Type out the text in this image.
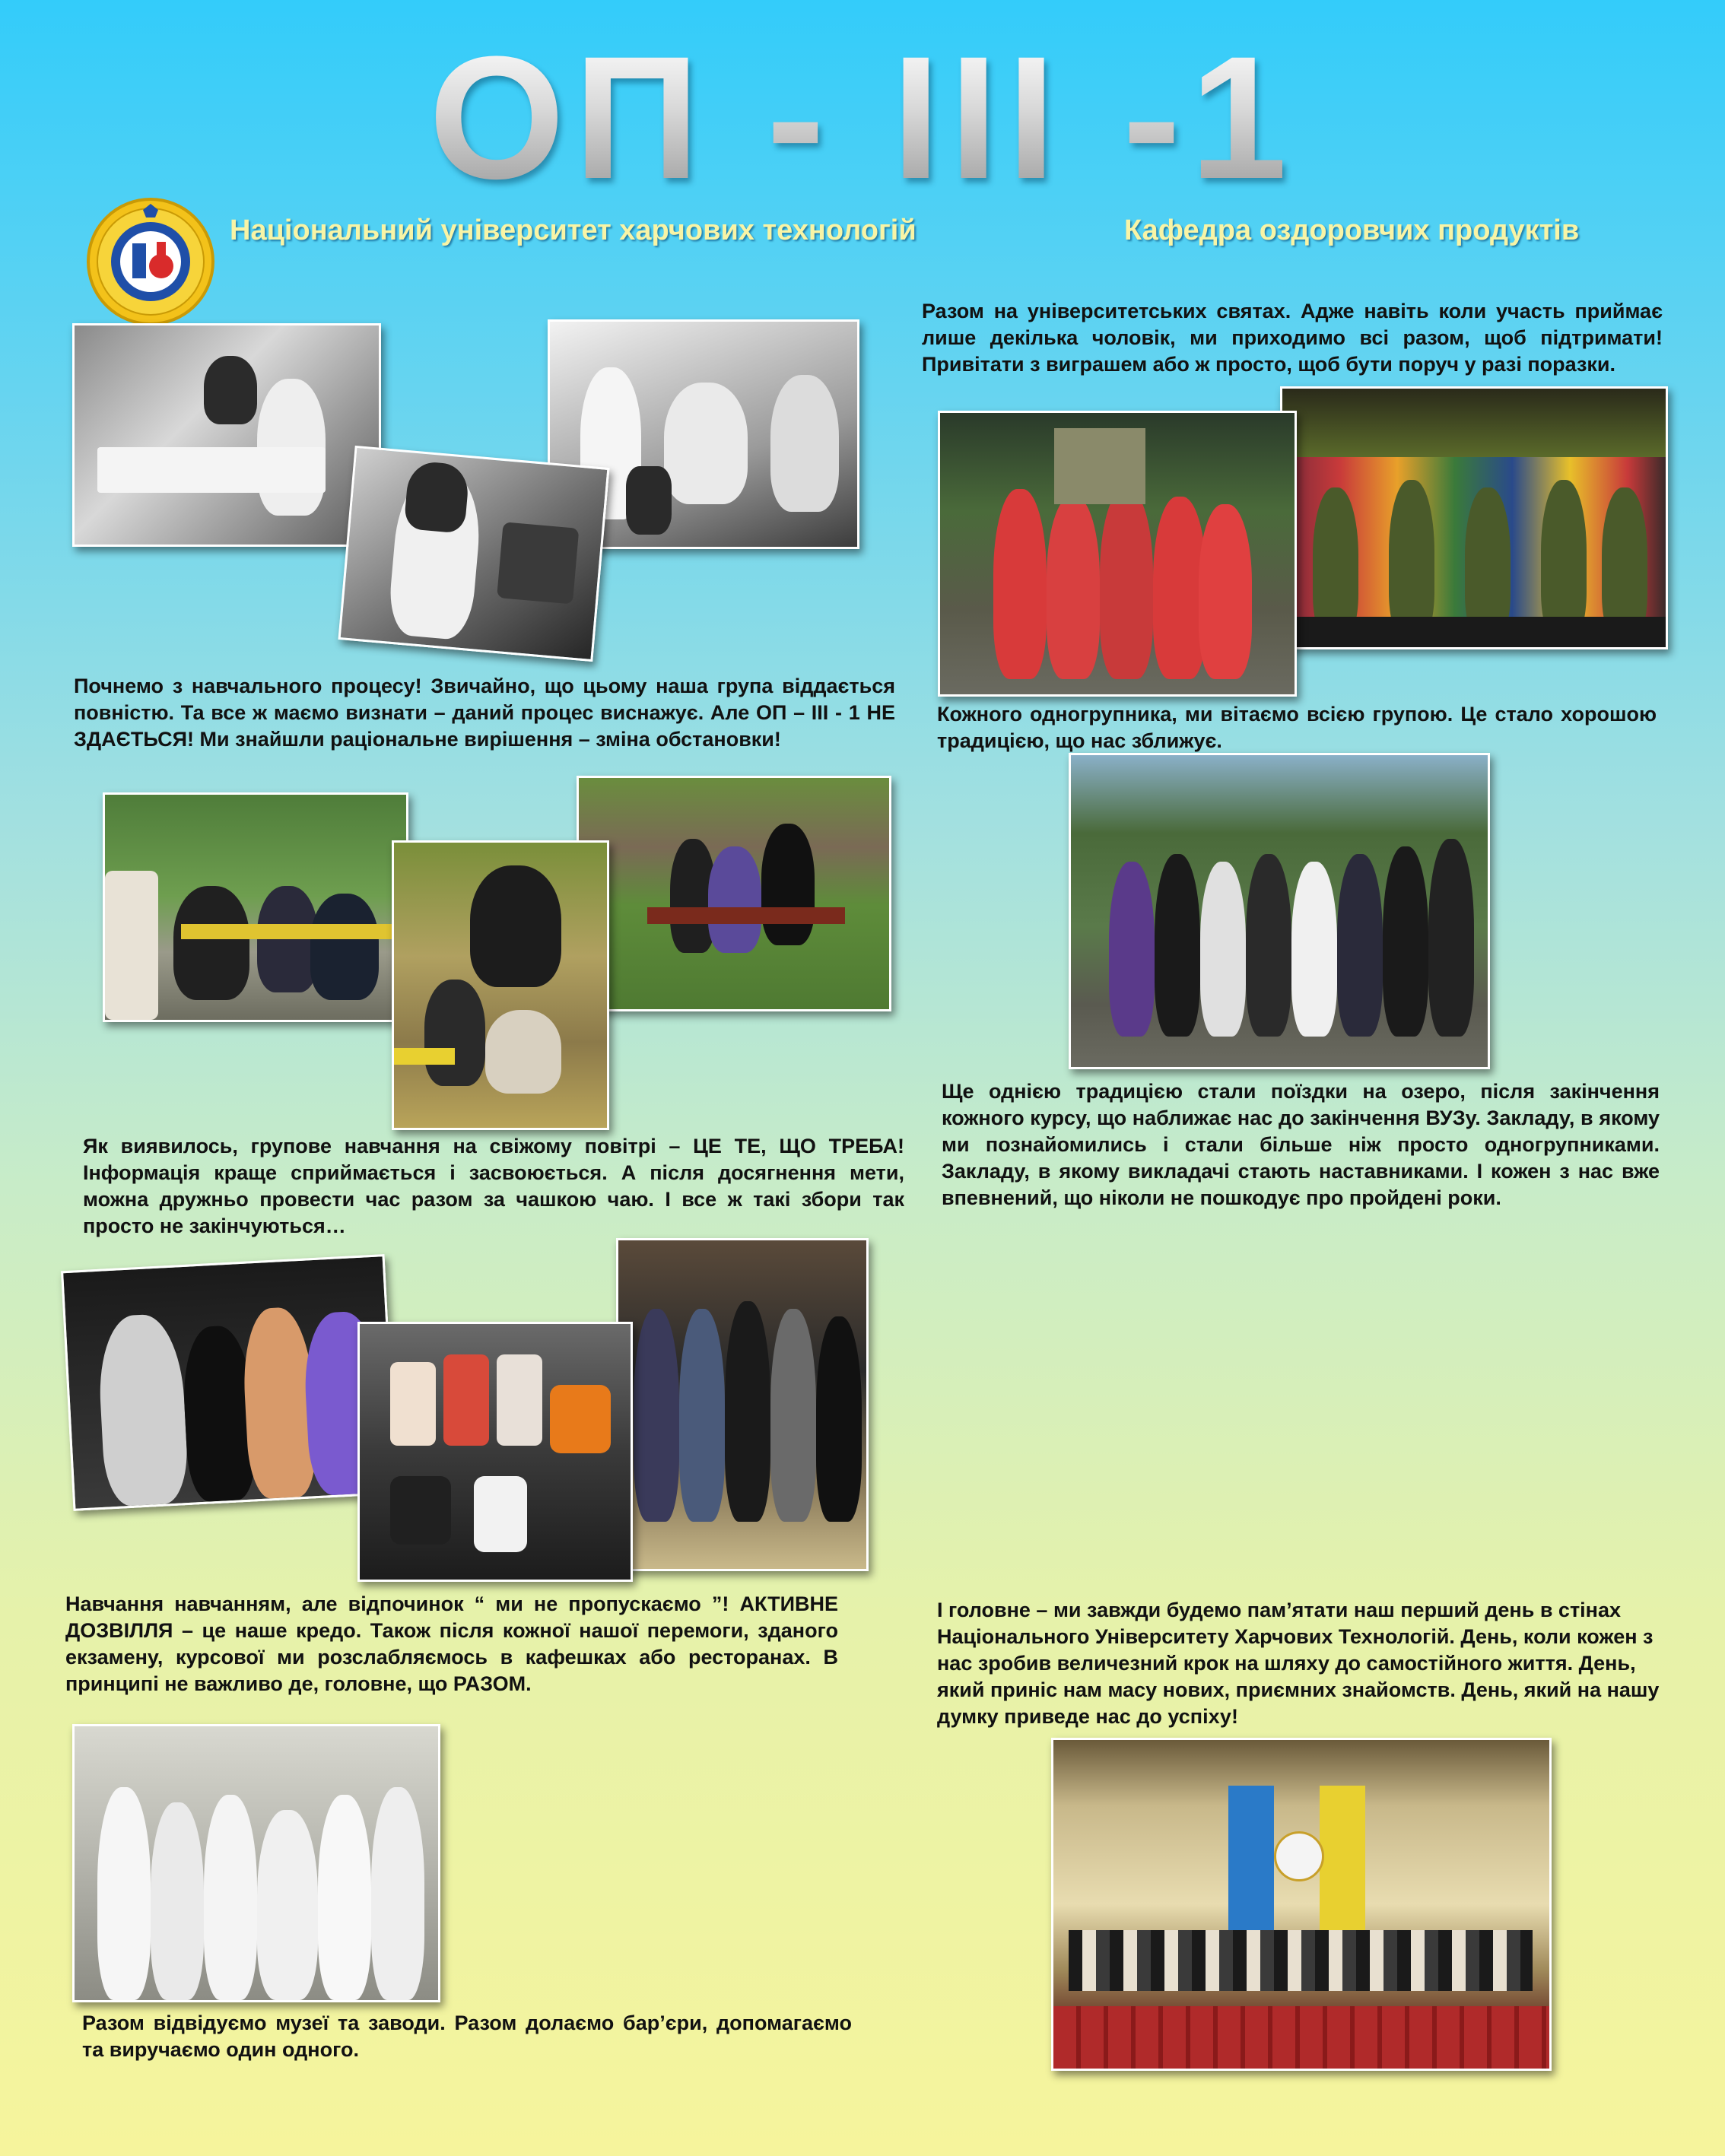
ОП - ІІІ -1
Національний університет харчових технологій	Кафедра оздоровчих продуктів
Почнемо з навчального процесу! Звичайно, що цьому наша група віддається повністю. Та все ж маємо визнати – даний процес виснажує. Але ОП – ІІІ - 1 НЕ ЗДАЄТЬСЯ! Ми знайшли раціональне вирішення – зміна обстановки!
Як виявилось, групове навчання на свіжому повітрі – ЦЕ ТЕ, ЩО ТРЕБА! Інформація краще сприймається і засвоюється. А після досягнення мети, можна дружньо провести час разом за чашкою чаю. І все ж такі збори так просто не закінчуються…
Навчання навчанням, але відпочинок “ ми не пропускаємо ”! АКТИВНЕ ДОЗВІЛЛЯ – це наше кредо. Також після кожної нашої перемоги, зданого екзамену, курсової ми розслабляємось в кафешках або ресторанах. В принципі не важливо де, головне, що РАЗОМ.
Разом відвідуємо музеї та заводи. Разом долаємо бар’єри, допомагаємо та виручаємо один одного.
Разом на університетських святах. Адже навіть коли участь приймає лише декілька чоловік, ми приходимо всі разом, щоб підтримати! Привітати з виграшем або ж просто, щоб бути поруч у разі поразки.
Кожного одногрупника, ми вітаємо всією групою. Це стало хорошою традицією, що нас зближує.
Ще однією традицією стали поїздки на озеро, після закінчення кожного курсу, що наближає нас до закінчення ВУЗу. Закладу, в якому ми познайомились і стали більше ніж просто одногрупниками. Закладу, в якому викладачі стають наставниками. І кожен з нас вже впевнений, що ніколи не пошкодує про пройдені роки.
І головне – ми завжди будемо пам’ятати наш перший день в стінах Національного Університету Харчових Технологій. День, коли кожен з нас зробив величезний крок на шляху до самостійного життя. День, який приніс нам масу нових, приємних знайомств. День, який на нашу думку приведе нас до успіху!
